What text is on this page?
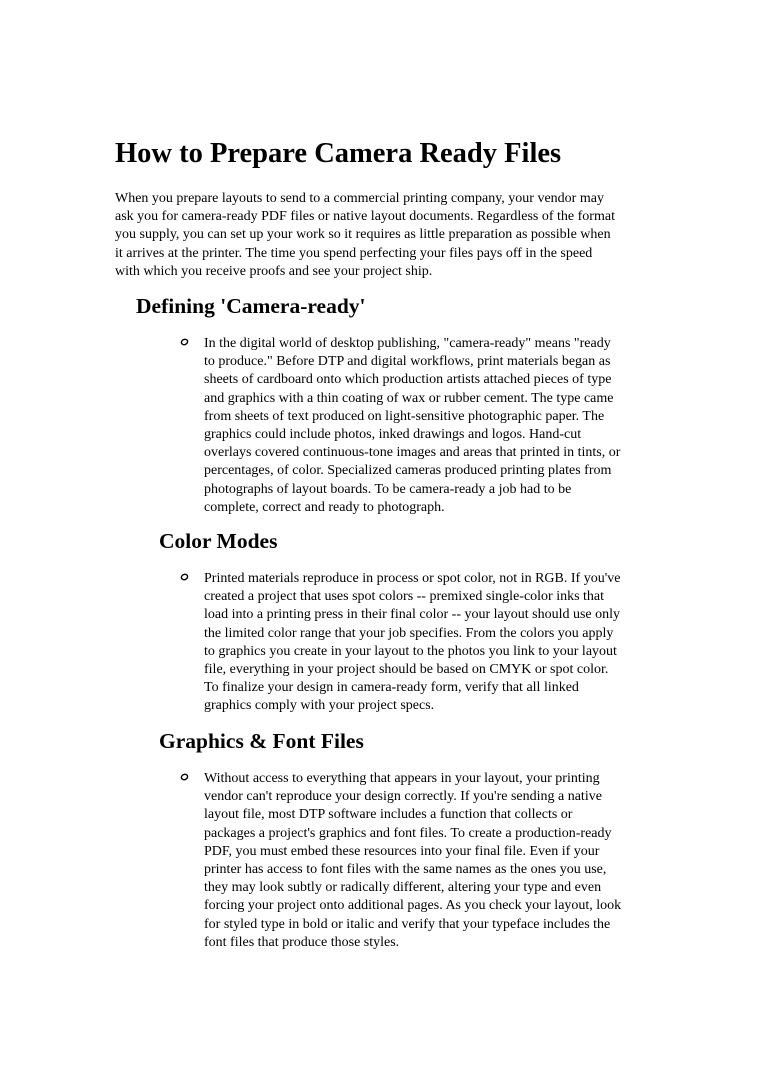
How to Prepare Camera Ready Files

When you prepare layouts to send to a commercial printing company, your vendor may
ask you for camera-ready PDF files or native layout documents. Regardless of the format
you supply, you can set up your work so it requires as little preparation as possible when
it arrives at the printer. The time you spend perfecting your files pays off in the speed
with which you receive proofs and see your project ship.

Defining 'Camera-ready'
In the digital world of desktop publishing, "camera-ready" means "ready
to produce." Before DTP and digital workflows, print materials began as
sheets of cardboard onto which production artists attached pieces of type
and graphics with a thin coating of wax or rubber cement. The type came
from sheets of text produced on light-sensitive photographic paper. The
graphics could include photos, inked drawings and logos. Hand-cut
overlays covered continuous-tone images and areas that printed in tints, or
percentages, of color. Specialized cameras produced printing plates from
photographs of layout boards. To be camera-ready a job had to be
complete, correct and ready to photograph.
Color Modes
Printed materials reproduce in process or spot color, not in RGB. If you've
created a project that uses spot colors -- premixed single-color inks that
load into a printing press in their final color -- your layout should use only
the limited color range that your job specifies. From the colors you apply
to graphics you create in your layout to the photos you link to your layout
file, everything in your project should be based on CMYK or spot color.
To finalize your design in camera-ready form, verify that all linked
graphics comply with your project specs.
Graphics & Font Files
Without access to everything that appears in your layout, your printing
vendor can't reproduce your design correctly. If you're sending a native
layout file, most DTP software includes a function that collects or
packages a project's graphics and font files. To create a production-ready
PDF, you must embed these resources into your final file. Even if your
printer has access to font files with the same names as the ones you use,
they may look subtly or radically different, altering your type and even
forcing your project onto additional pages. As you check your layout, look
for styled type in bold or italic and verify that your typeface includes the
font files that produce those styles.
